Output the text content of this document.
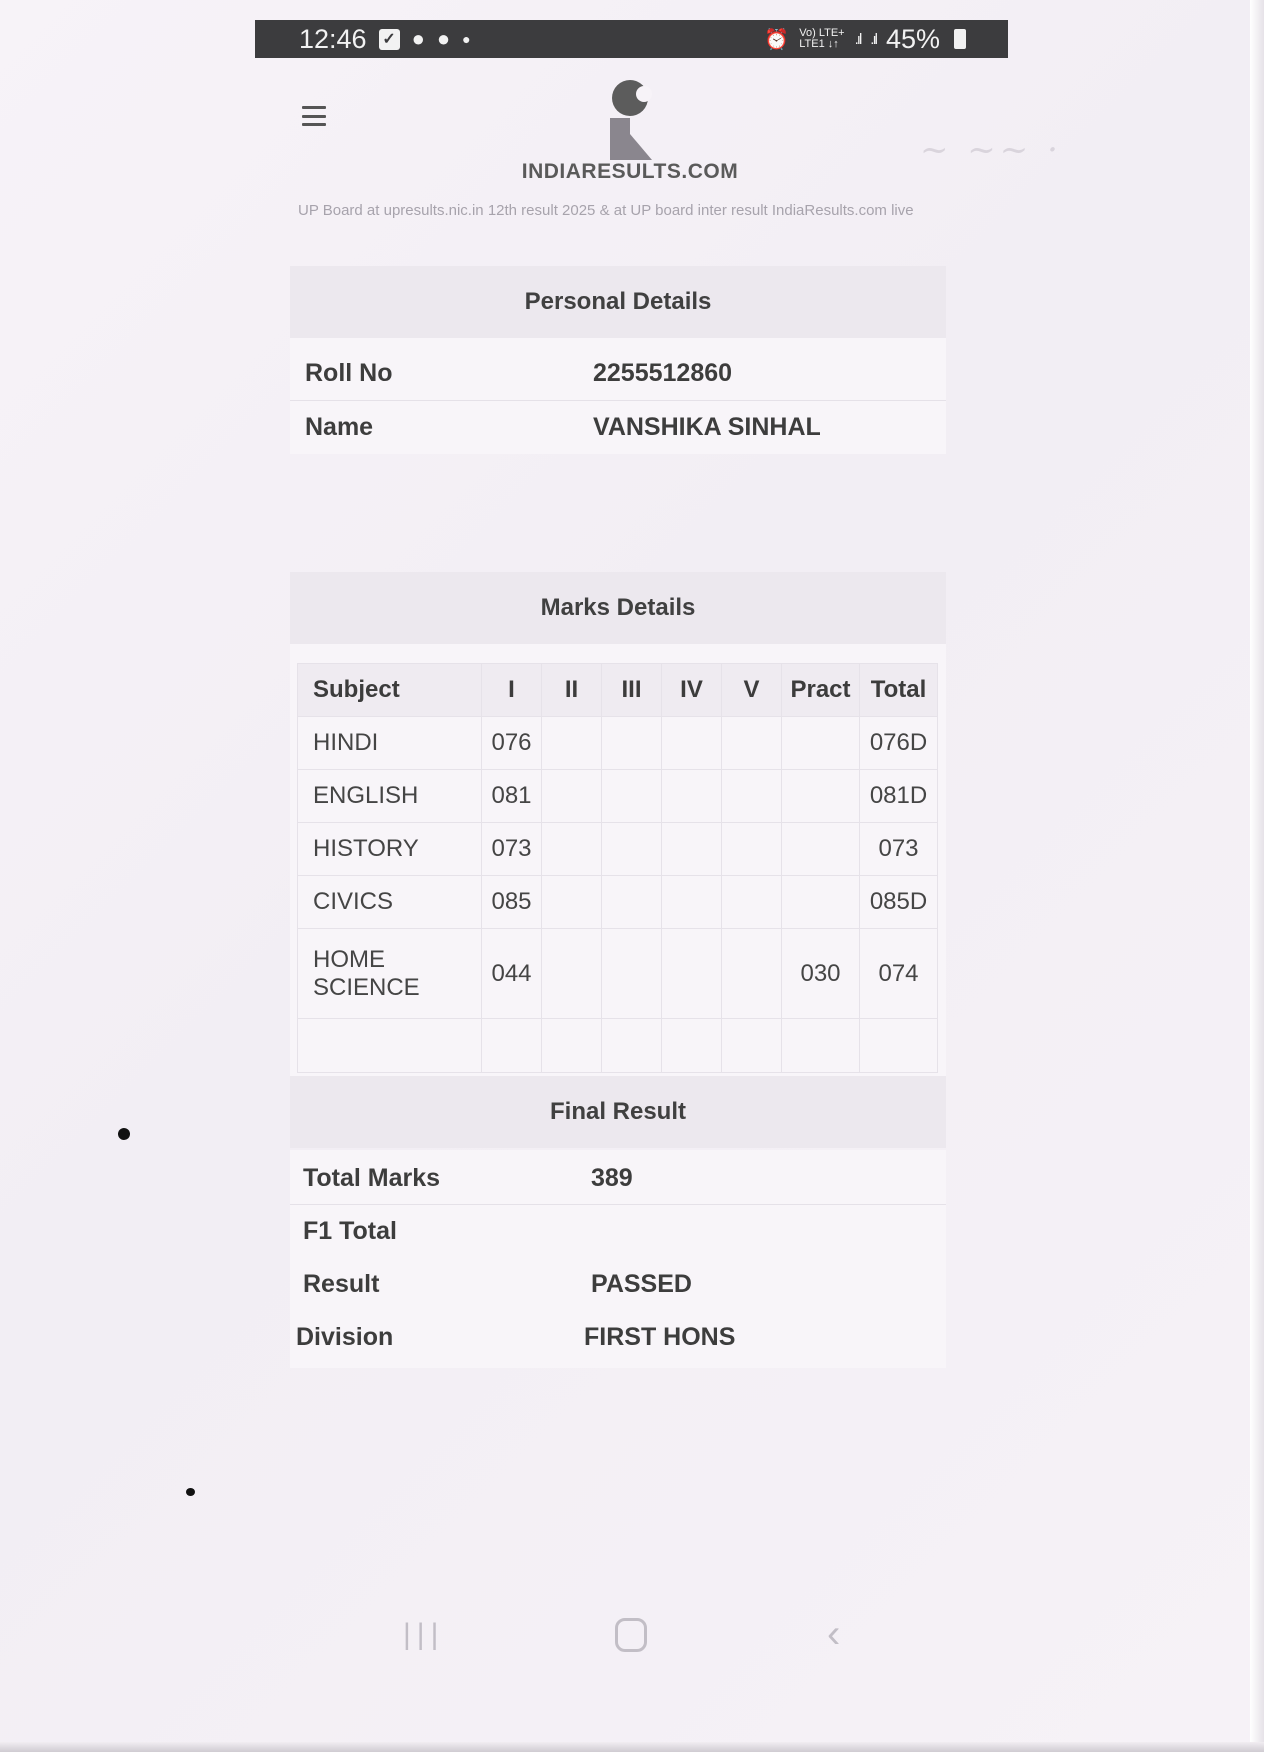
12:46 ✓ ● ● ●	⏰ Vo) LTE+
LTE1 ↓↑	.ıl .ıl 45%
INDIARESULTS.COM
UP Board at upresults.nic.in 12th result 2025 & at UP board inter result IndiaResults.com live
~ ~~ ·
Personal Details
Roll No	2255512860
Name	VANSHIKA SINHAL
Marks Details
Subject	I	II	III	IV	V	Pract	Total
HINDI	076						076D
ENGLISH	081						081D
HISTORY	073						073
CIVICS	085						085D
HOME SCIENCE	044					030	074

Final Result
Total Marks	389
F1 Total
Result	PASSED
Division	FIRST HONS
|||	‹
